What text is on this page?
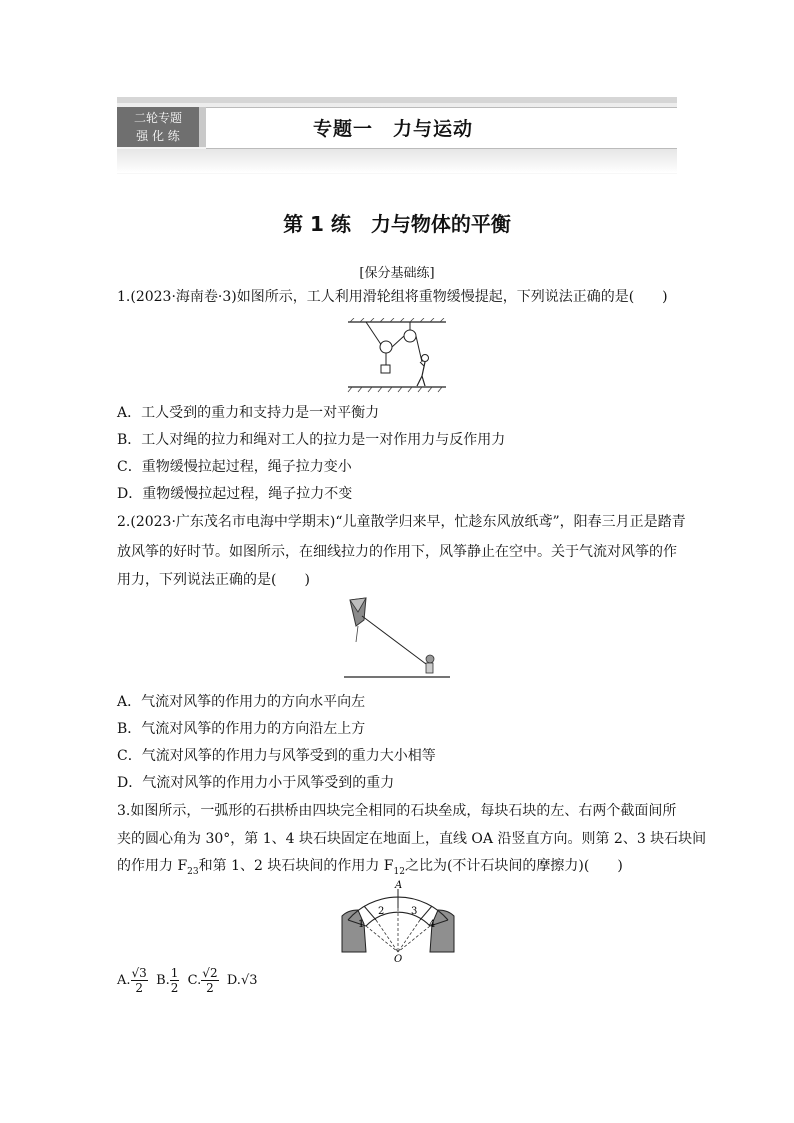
二轮专题
强 化 练	专题一　力与运动
第 1 练　力与物体的平衡
[保分基础练]
1.(2023·海南卷·3)如图所示，工人利用滑轮组将重物缓慢提起，下列说法正确的是(　　)
A．工人受到的重力和支持力是一对平衡力
B．工人对绳的拉力和绳对工人的拉力是一对作用力与反作用力
C．重物缓慢拉起过程，绳子拉力变小
D．重物缓慢拉起过程，绳子拉力不变
2.(2023·广东茂名市电海中学期末)“儿童散学归来早，忙趁东风放纸鸢”，阳春三月正是踏青
放风筝的好时节。如图所示，在细线拉力的作用下，风筝静止在空中。关于气流对风筝的作
用力，下列说法正确的是(　　)
A．气流对风筝的作用力的方向水平向左
B．气流对风筝的作用力的方向沿左上方
C．气流对风筝的作用力与风筝受到的重力大小相等
D．气流对风筝的作用力小于风筝受到的重力
3.如图所示，一弧形的石拱桥由四块完全相同的石块垒成，每块石块的左、右两个截面间所
夹的圆心角为 30°，第 1、4 块石块固定在地面上，直线 OA 沿竖直方向。则第 2、3 块石块间
的作用力 $F_{23}$和第 1、2 块石块间的作用力 $F_{12}$之比为(不计石块间的摩擦力)(　　)
A
O
1
2	3
4
A. $\frac{√3}{2} B$. $\frac{1}{2} C$. $\frac{√2}{2} D.√3$
